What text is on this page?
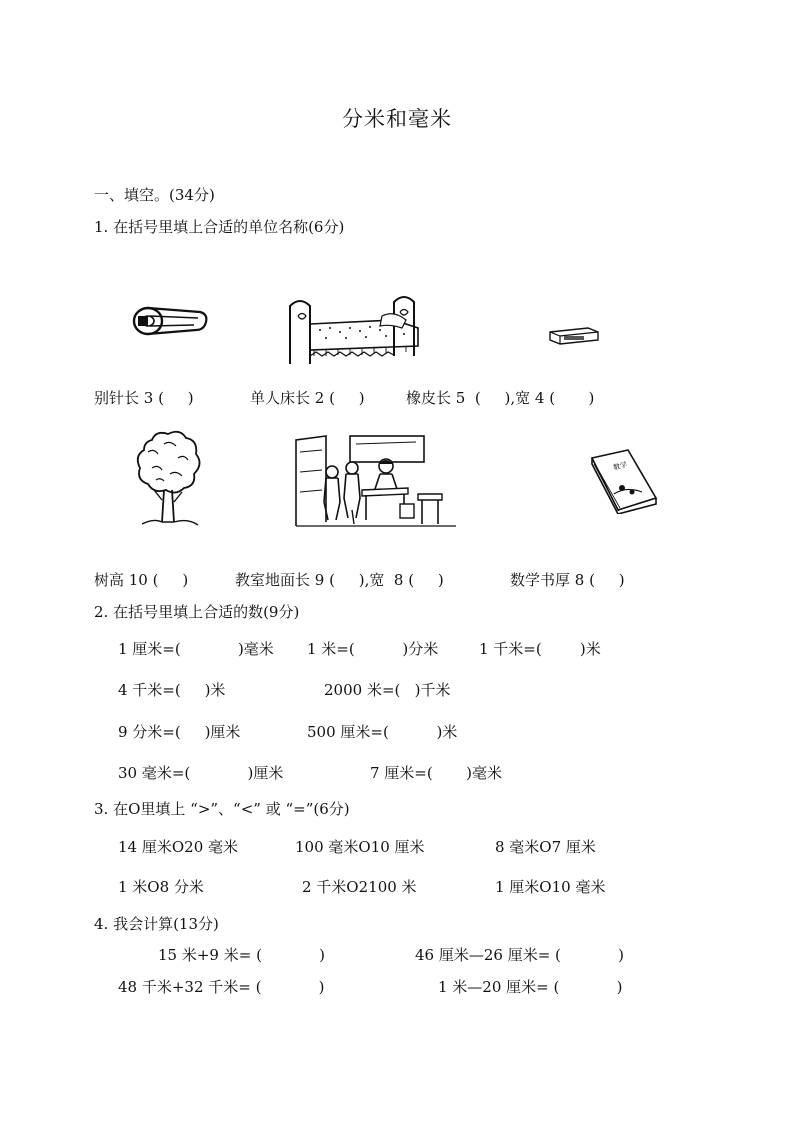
分米和毫米
一、填空。(34分)
1. 在括号里填上合适的单位名称(6分)
别针长 3 (     )	单人床长 2 (     )	橡皮长 5  (     ),宽 4 (       )
数学
树高 10 (     )	教室地面长 9 (     ),宽  8 (     )	数学书厚 8 (     )
2. 在括号里填上合适的数(9分)
1 厘米=(            )毫米 1 米=(          )分米	1 千米=(        )米
4 千米=(     )米	2000 米=(   )千米
9 分米=(     )厘米	500 厘米=(          )米
30 毫米=(            )厘米	7 厘米=(       )毫米
3. 在O里填上 “>”、“<” 或 “=”(6分)
14 厘米O20 毫米	100 毫米O10 厘米	8 毫米O7 厘米
1 米O8 分米	2 千米O2100 米	1 厘米O10 毫米
4. 我会计算(13分)
15 米+9 米= (            )	46 厘米—26 厘米= (            )
48 千米+32 千米= (            )	1 米—20 厘米= (            )
